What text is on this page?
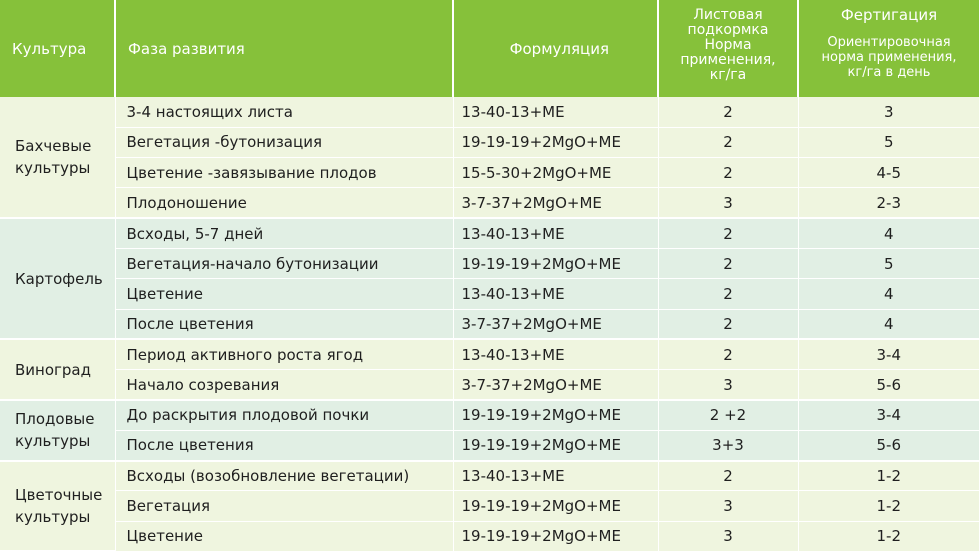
Культура	Фаза развития	Формуляция	Листовая
подкормка
Норма
применения,
кг/га	Фертигация
Ориентировочная
норма применения,
кг/га в день

Бахчевые культуры	3-4 настоящих листа	13-40-13+ME	2	3
	Вегетация -бутонизация	19-19-19+2MgO+ME	2	5
	Цветение -завязывание плодов	15-5-30+2MgO+ME	2	4-5
	Плодоношение	3-7-37+2MgO+ME	3	2-3
Картофель	Всходы, 5-7 дней	13-40-13+ME	2	4
	Вегетация-начало бутонизации	19-19-19+2MgO+ME	2	5
	Цветение	13-40-13+ME	2	4
	После цветения	3-7-37+2MgO+ME	2	4
Виноград	Период активного роста ягод	13-40-13+ME	2	3-4
	Начало созревания	3-7-37+2MgO+ME	3	5-6
Плодовые культуры	До раскрытия плодовой почки	19-19-19+2MgO+ME	2 +2	3-4
	После цветения	19-19-19+2MgO+ME	3+3	5-6
Цветочные культуры	Всходы (возобновление вегетации)	13-40-13+ME	2	1-2
	Вегетация	19-19-19+2MgO+ME	3	1-2
	Цветение	19-19-19+2MgO+ME	3	1-2
